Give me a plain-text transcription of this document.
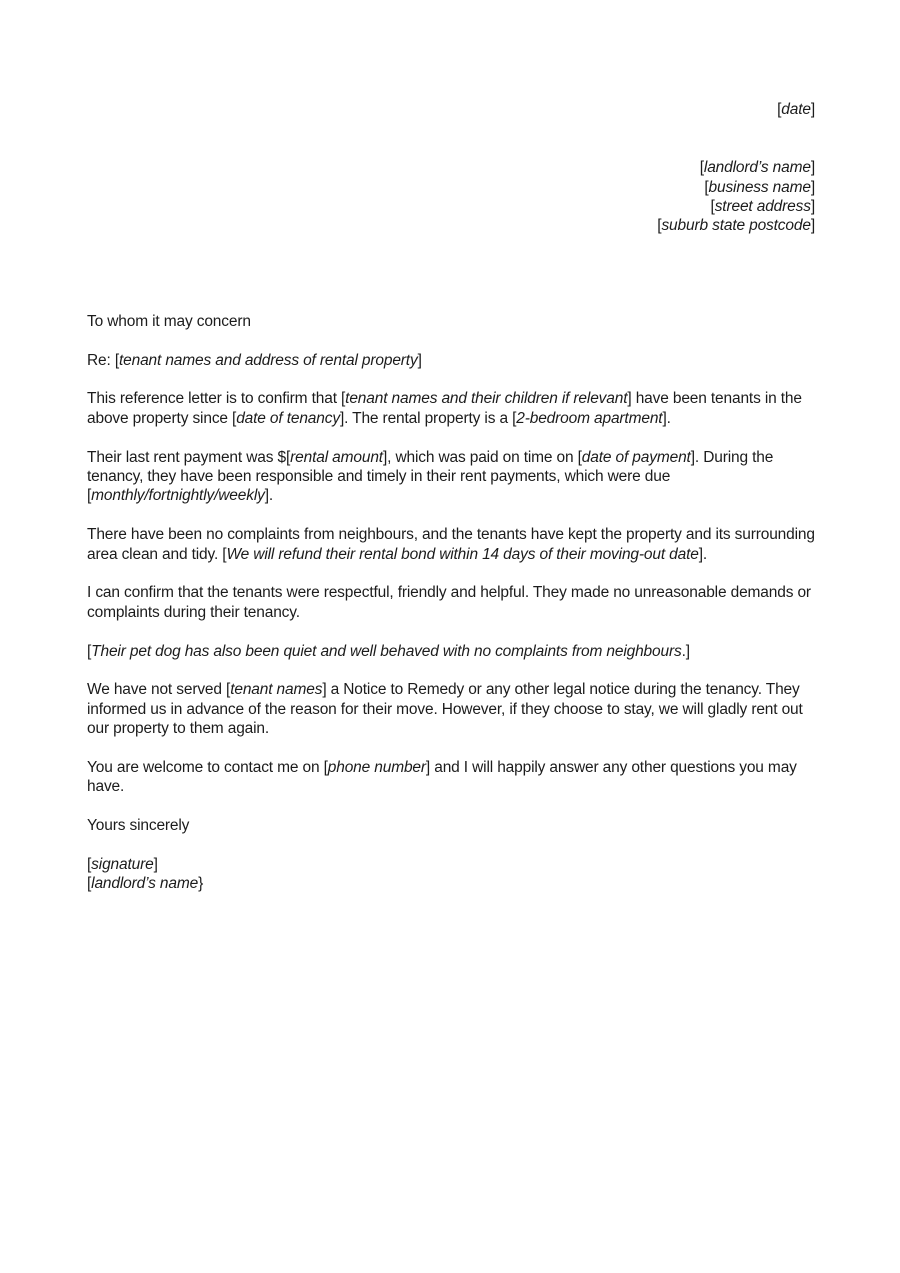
[date]
[landlord’s name]
[business name]
[street address]
[suburb state postcode]

To whom it may concern

Re: [tenant names and address of rental property]

This reference letter is to confirm that [tenant names and their children if relevant] have been tenants in the above property since [date of tenancy]. The rental property is a [2-bedroom apartment].

Their last rent payment was $[rental amount], which was paid on time on [date of payment]. During the tenancy, they have been responsible and timely in their rent payments, which were due [monthly/fortnightly/weekly].

There have been no complaints from neighbours, and the tenants have kept the property and its surrounding area clean and tidy. [We will refund their rental bond within 14 days of their moving-out date].

I can confirm that the tenants were respectful, friendly and helpful. They made no unreasonable demands or complaints during their tenancy.

[Their pet dog has also been quiet and well behaved with no complaints from neighbours.]

We have not served [tenant names] a Notice to Remedy or any other legal notice during the tenancy. They informed us in advance of the reason for their move. However, if they choose to stay, we will gladly rent out our property to them again.

You are welcome to contact me on [phone number] and I will happily answer any other questions you may have.

Yours sincerely

[signature]
[landlord’s name}
